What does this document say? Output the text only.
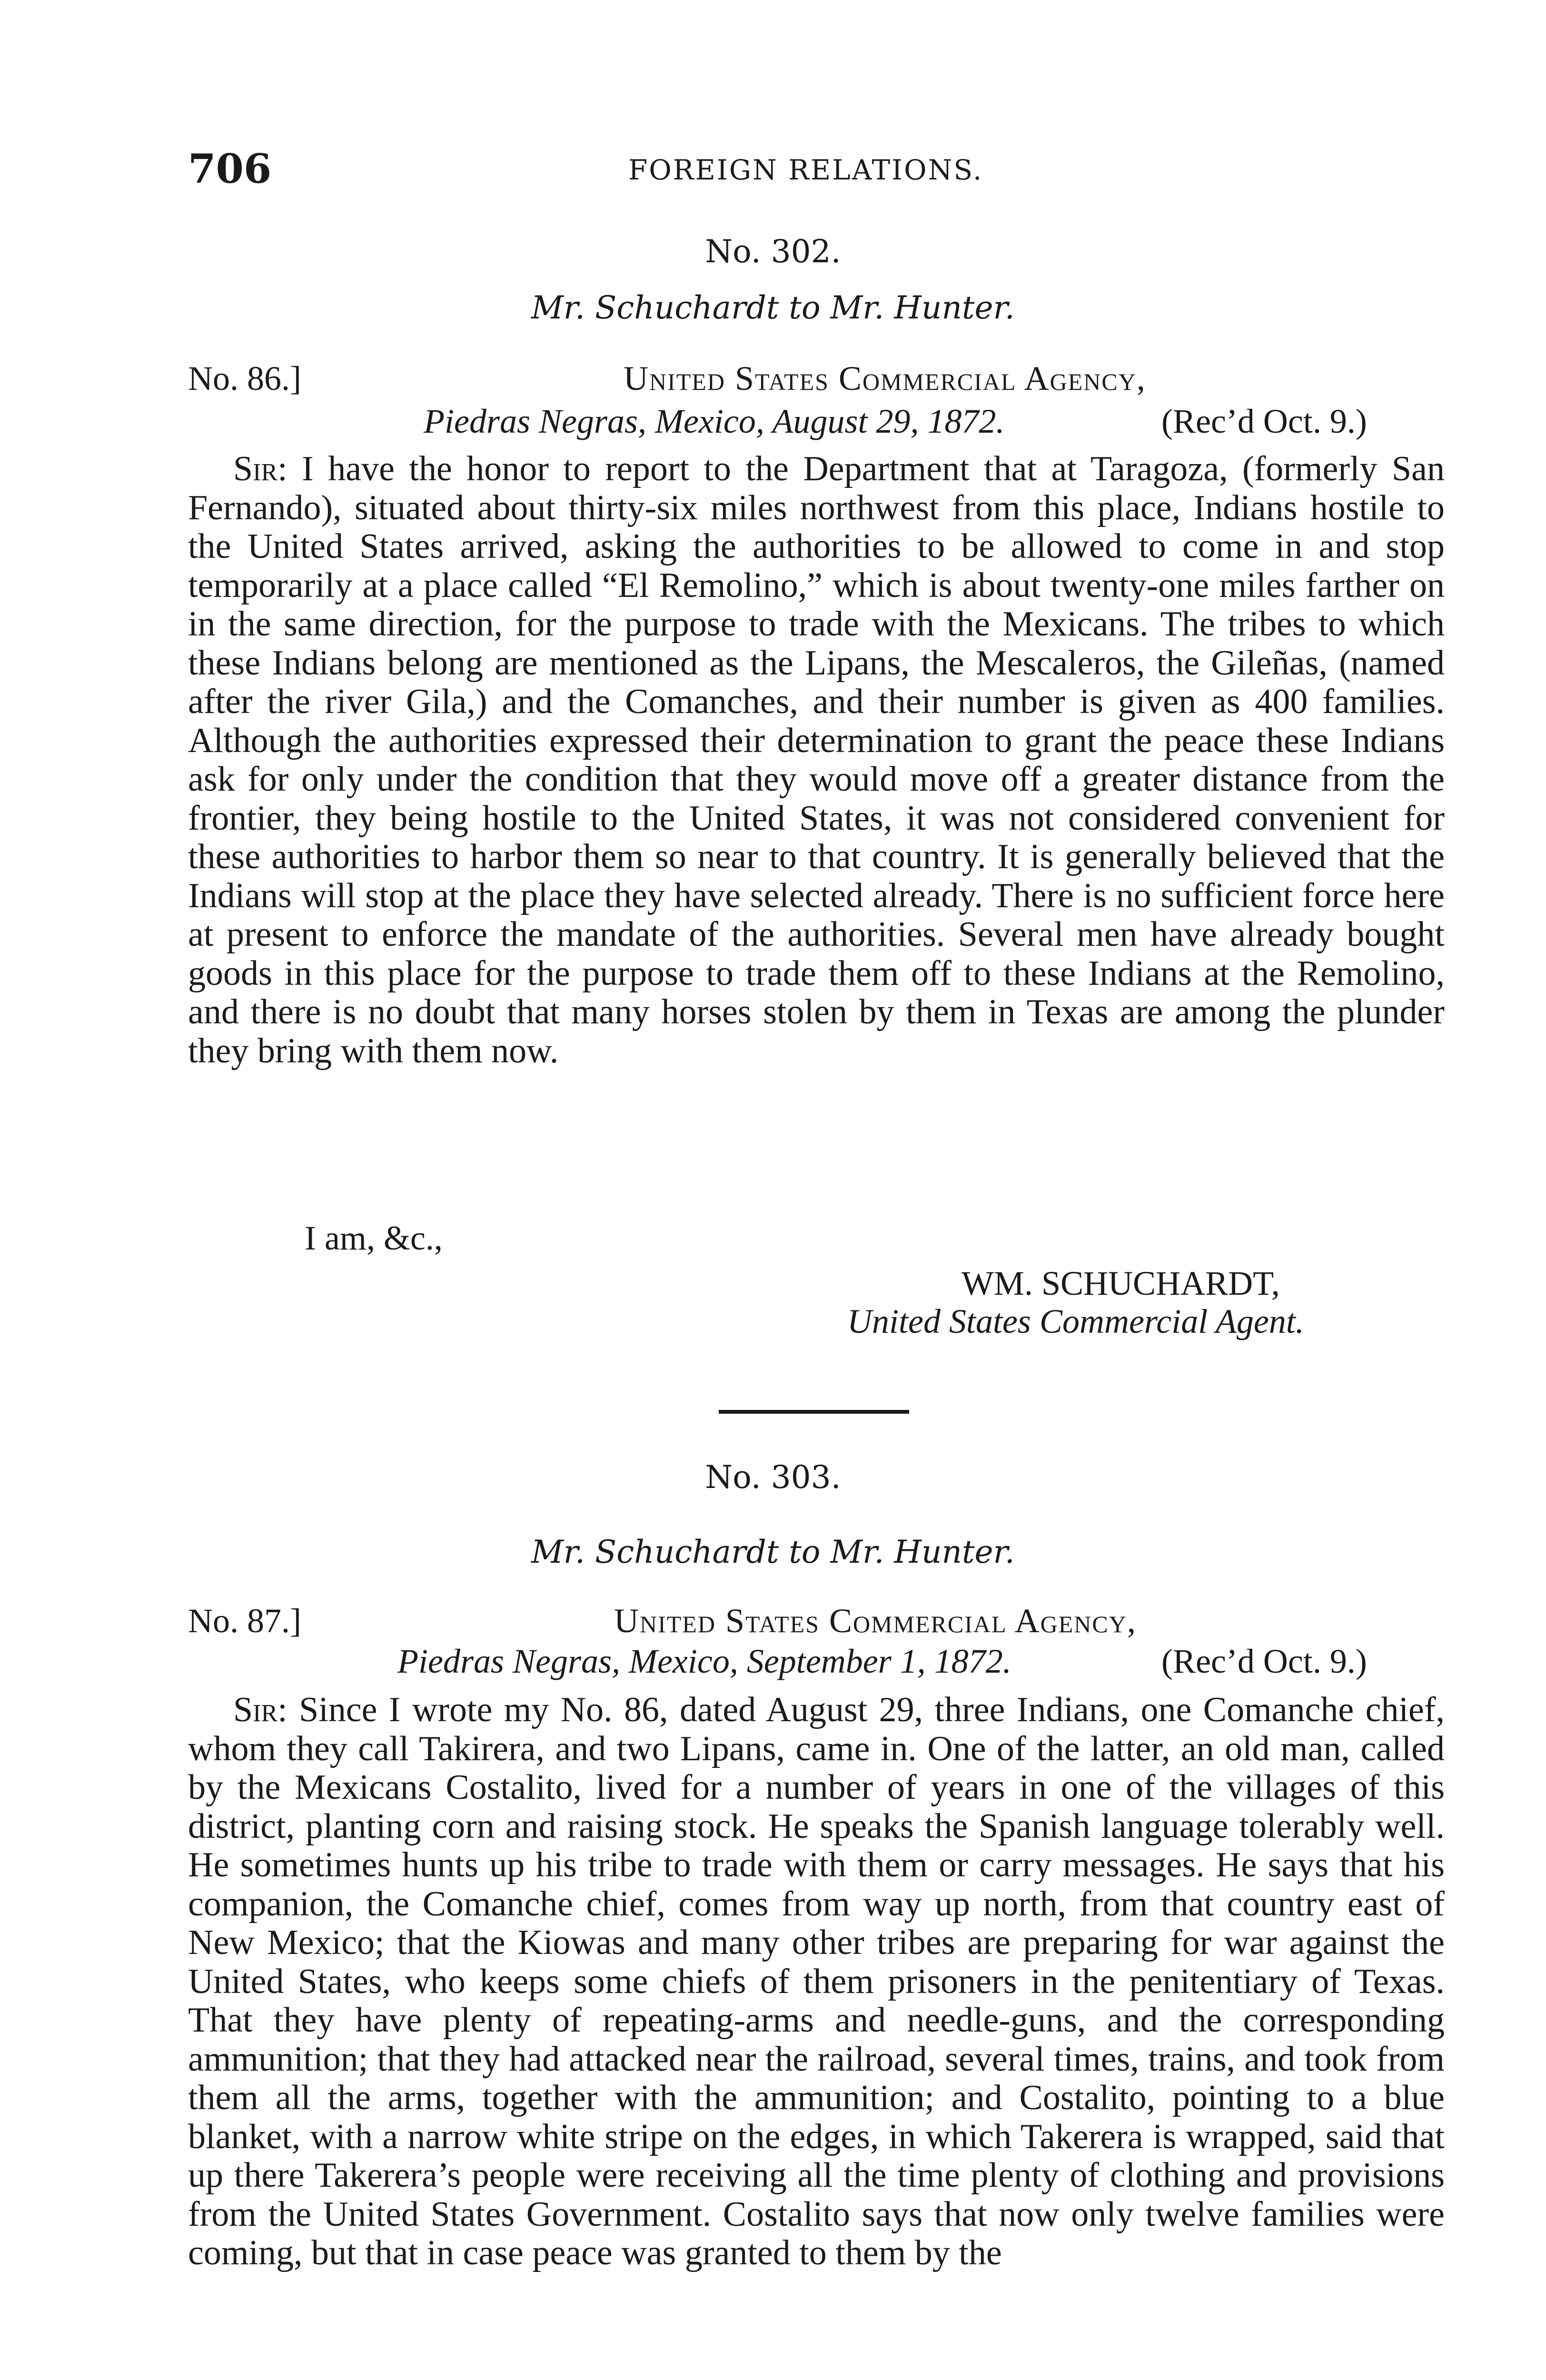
706	FOREIGN RELATIONS.
No. 302.
Mr. Schuchardt to Mr. Hunter.
No. 86.]	United States Commercial Agency,
Piedras Negras, Mexico, August 29, 1872.	(Rec’d Oct. 9.)
Sir: I have the honor to report to the Department that at Taragoza, (formerly San Fernando), situated about thirty-six miles northwest from this place, Indians hostile to the United States arrived, asking the authorities to be allowed to come in and stop temporarily at a place called “El Remolino,” which is about twenty-one miles farther on in the same direction, for the purpose to trade with the Mexicans. The tribes to which these Indians belong are mentioned as the Lipans, the Mescaleros, the Gileñas, (named after the river Gila,) and the Comanches, and their number is given as 400 families. Although the authorities expressed their determination to grant the peace these Indians ask for only under the condition that they would move off a greater distance from the frontier, they being hostile to the United States, it was not considered convenient for these authorities to harbor them so near to that country. It is generally believed that the Indians will stop at the place they have selected already. There is no sufficient force here at present to enforce the mandate of the authorities. Several men have already bought goods in this place for the purpose to trade them off to these Indians at the Remolino, and there is no doubt that many horses stolen by them in Texas are among the plunder they bring with them now.
I am, &c.,
WM. SCHUCHARDT,
United States Commercial Agent.
No. 303.
Mr. Schuchardt to Mr. Hunter.
No. 87.]	United States Commercial Agency,
Piedras Negras, Mexico, September 1, 1872.	(Rec’d Oct. 9.)
Sir: Since I wrote my No. 86, dated August 29, three Indians, one Comanche chief, whom they call Takirera, and two Lipans, came in. One of the latter, an old man, called by the Mexicans Costalito, lived for a number of years in one of the villages of this district, planting corn and raising stock. He speaks the Spanish language tolerably well. He sometimes hunts up his tribe to trade with them or carry messages. He says that his companion, the Comanche chief, comes from way up north, from that country east of New Mexico; that the Kiowas and many other tribes are preparing for war against the United States, who keeps some chiefs of them prisoners in the penitentiary of Texas. That they have plenty of repeating-arms and needle-guns, and the corresponding ammunition; that they had attacked near the railroad, several times, trains, and took from them all the arms, together with the ammunition; and Costalito, pointing to a blue blanket, with a narrow white stripe on the edges, in which Takerera is wrapped, said that up there Takerera’s people were receiving all the time plenty of clothing and provisions from the United States Government. Costalito says that now only twelve families were coming, but that in case peace was granted to them by the
